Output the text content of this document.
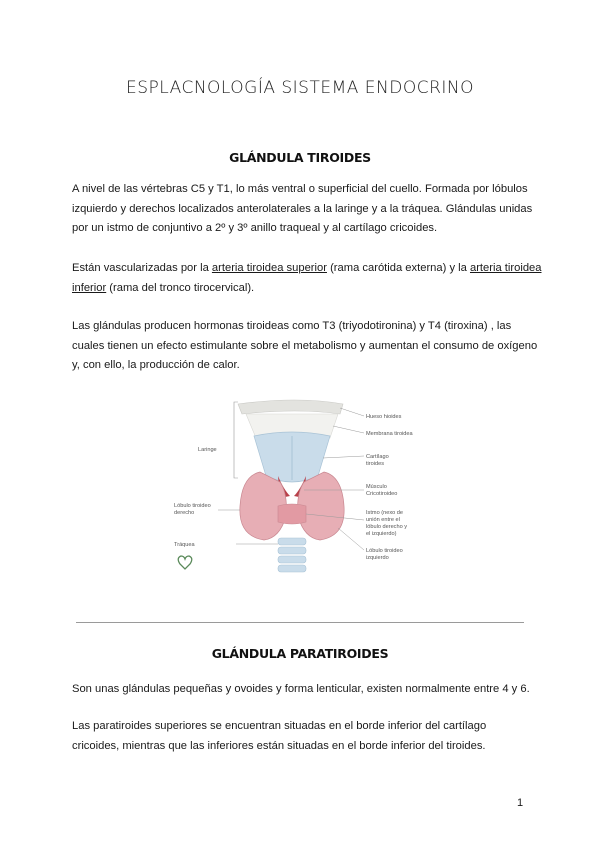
ESPLACNOLOGÍA SISTEMA ENDOCRINO
GLÁNDULA TIROIDES
A nivel de las vértebras C5 y T1, lo más ventral o superficial del cuello. Formada por lóbulos izquierdo y derechos localizados anterolaterales a la laringe y a la tráquea. Glándulas unidas por un istmo de conjuntivo a 2º y 3º anillo traqueal y al cartílago cricoides.
Están vascularizadas por la arteria tiroidea superior (rama carótida externa) y la arteria tiroidea inferior (rama del tronco tirocervical).
Las glándulas producen hormonas tiroideas como T3 (triyodotironina) y T4 (tiroxina) , las cuales tienen un efecto estimulante sobre el metabolismo y aumentan el consumo de oxígeno y, con ello, la producción de calor.
Hueso hioides
Membrana tiroidea
Laringe
Cartílago
tiroides
Músculo
Cricotiroideo
Lóbulo tiroideo
derecho	Istmo (nexo de
unión entre el
lóbulo derecho y
el izquierdo)
Tráquea
Lóbulo tiroideo
izquierdo
GLÁNDULA PARATIROIDES
Son unas glándulas pequeñas y ovoides y forma lenticular, existen normalmente entre 4 y 6.
Las paratiroides superiores se encuentran situadas en el borde inferior del cartílago cricoides, mientras que las inferiores están situadas en el borde inferior del tiroides.
1
